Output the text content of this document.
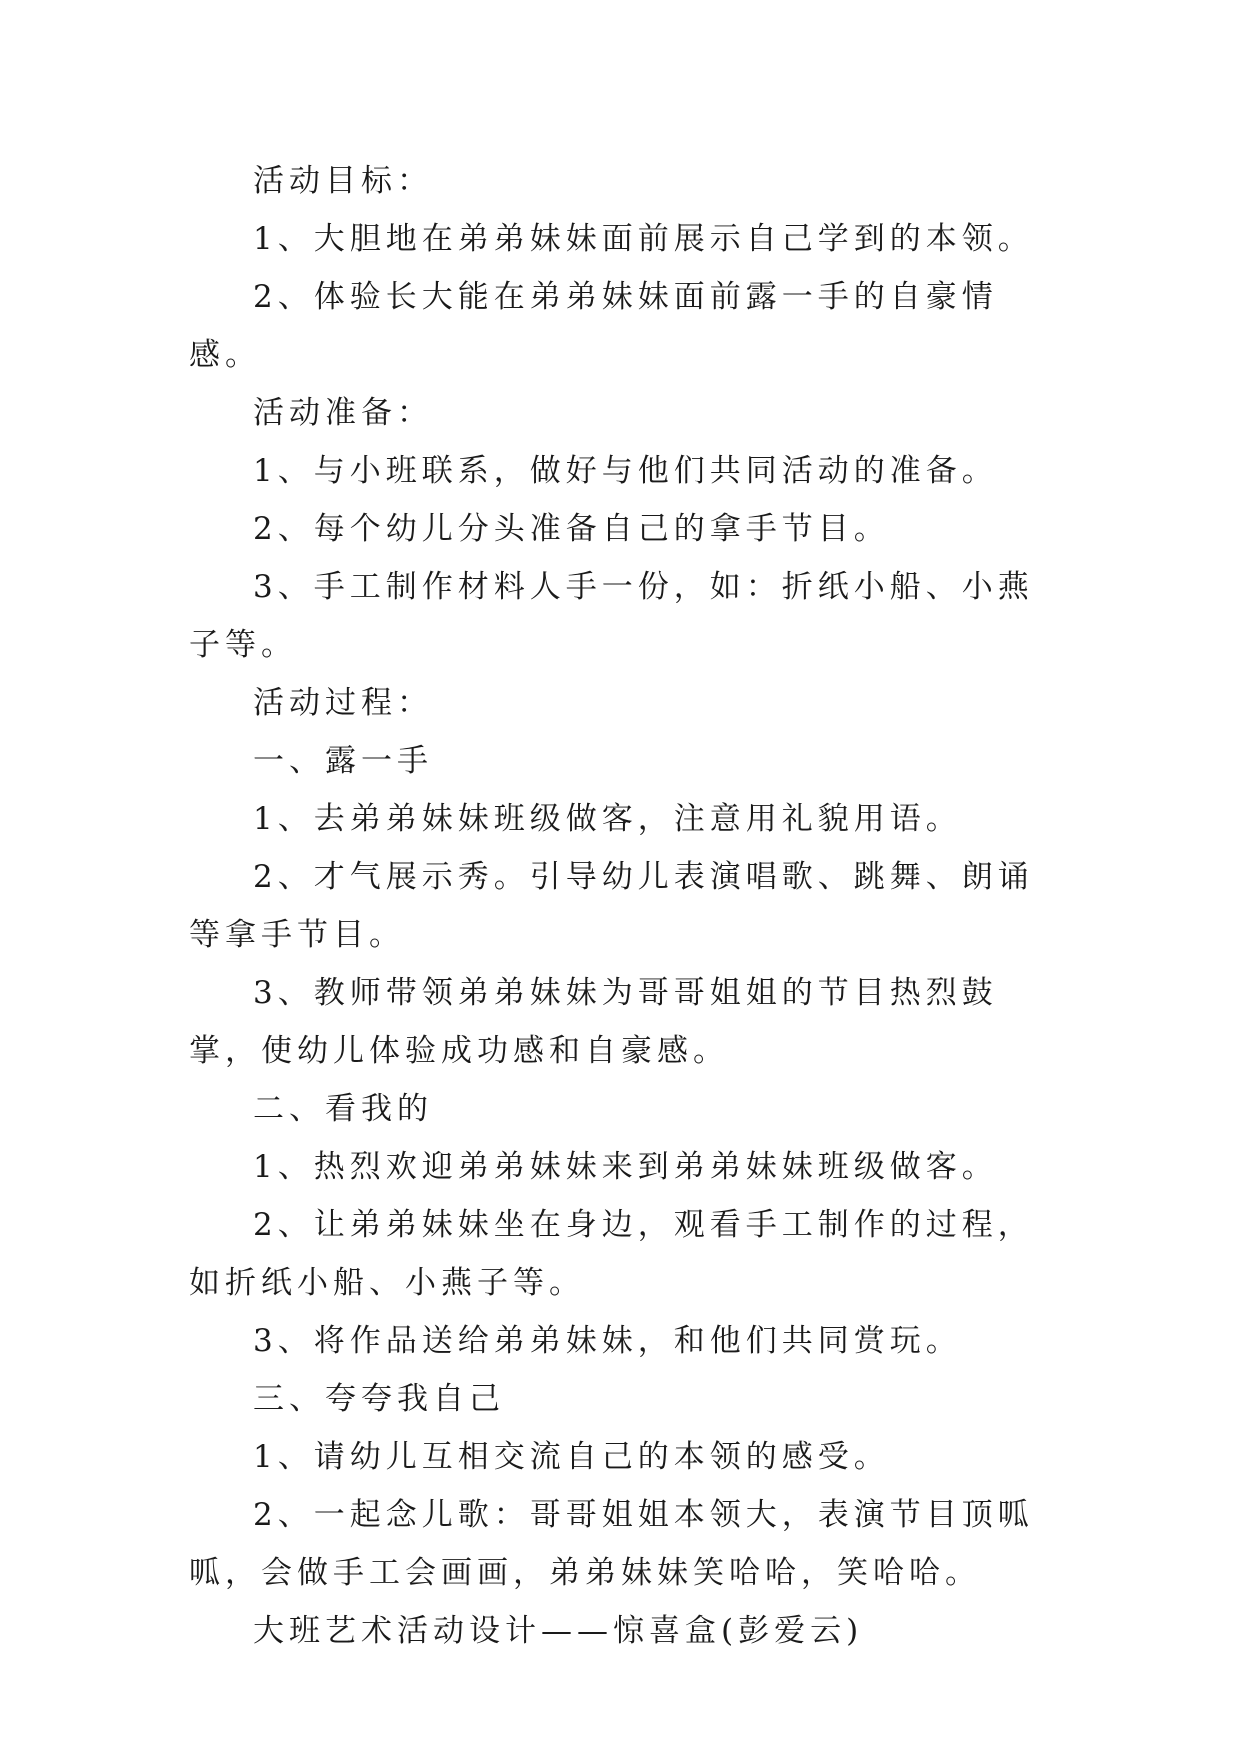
活动目标：

1、大胆地在弟弟妹妹面前展示自己学到的本领。

2、体验长大能在弟弟妹妹面前露一手的自豪情感。

活动准备：

1、与小班联系，做好与他们共同活动的准备。

2、每个幼儿分头准备自己的拿手节目。

3、手工制作材料人手一份，如：折纸小船、小燕子等。

活动过程：

一、露一手

1、去弟弟妹妹班级做客，注意用礼貌用语。

2、才气展示秀。引导幼儿表演唱歌、跳舞、朗诵等拿手节目。

3、教师带领弟弟妹妹为哥哥姐姐的节目热烈鼓掌，使幼儿体验成功感和自豪感。

二、看我的

1、热烈欢迎弟弟妹妹来到弟弟妹妹班级做客。

2、让弟弟妹妹坐在身边，观看手工制作的过程，如折纸小船、小燕子等。

3、将作品送给弟弟妹妹，和他们共同赏玩。

三、夸夸我自己

1、请幼儿互相交流自己的本领的感受。

2、一起念儿歌：哥哥姐姐本领大，表演节目顶呱呱，会做手工会画画，弟弟妹妹笑哈哈，笑哈哈。

大班艺术活动设计——惊喜盒(彭爱云)
